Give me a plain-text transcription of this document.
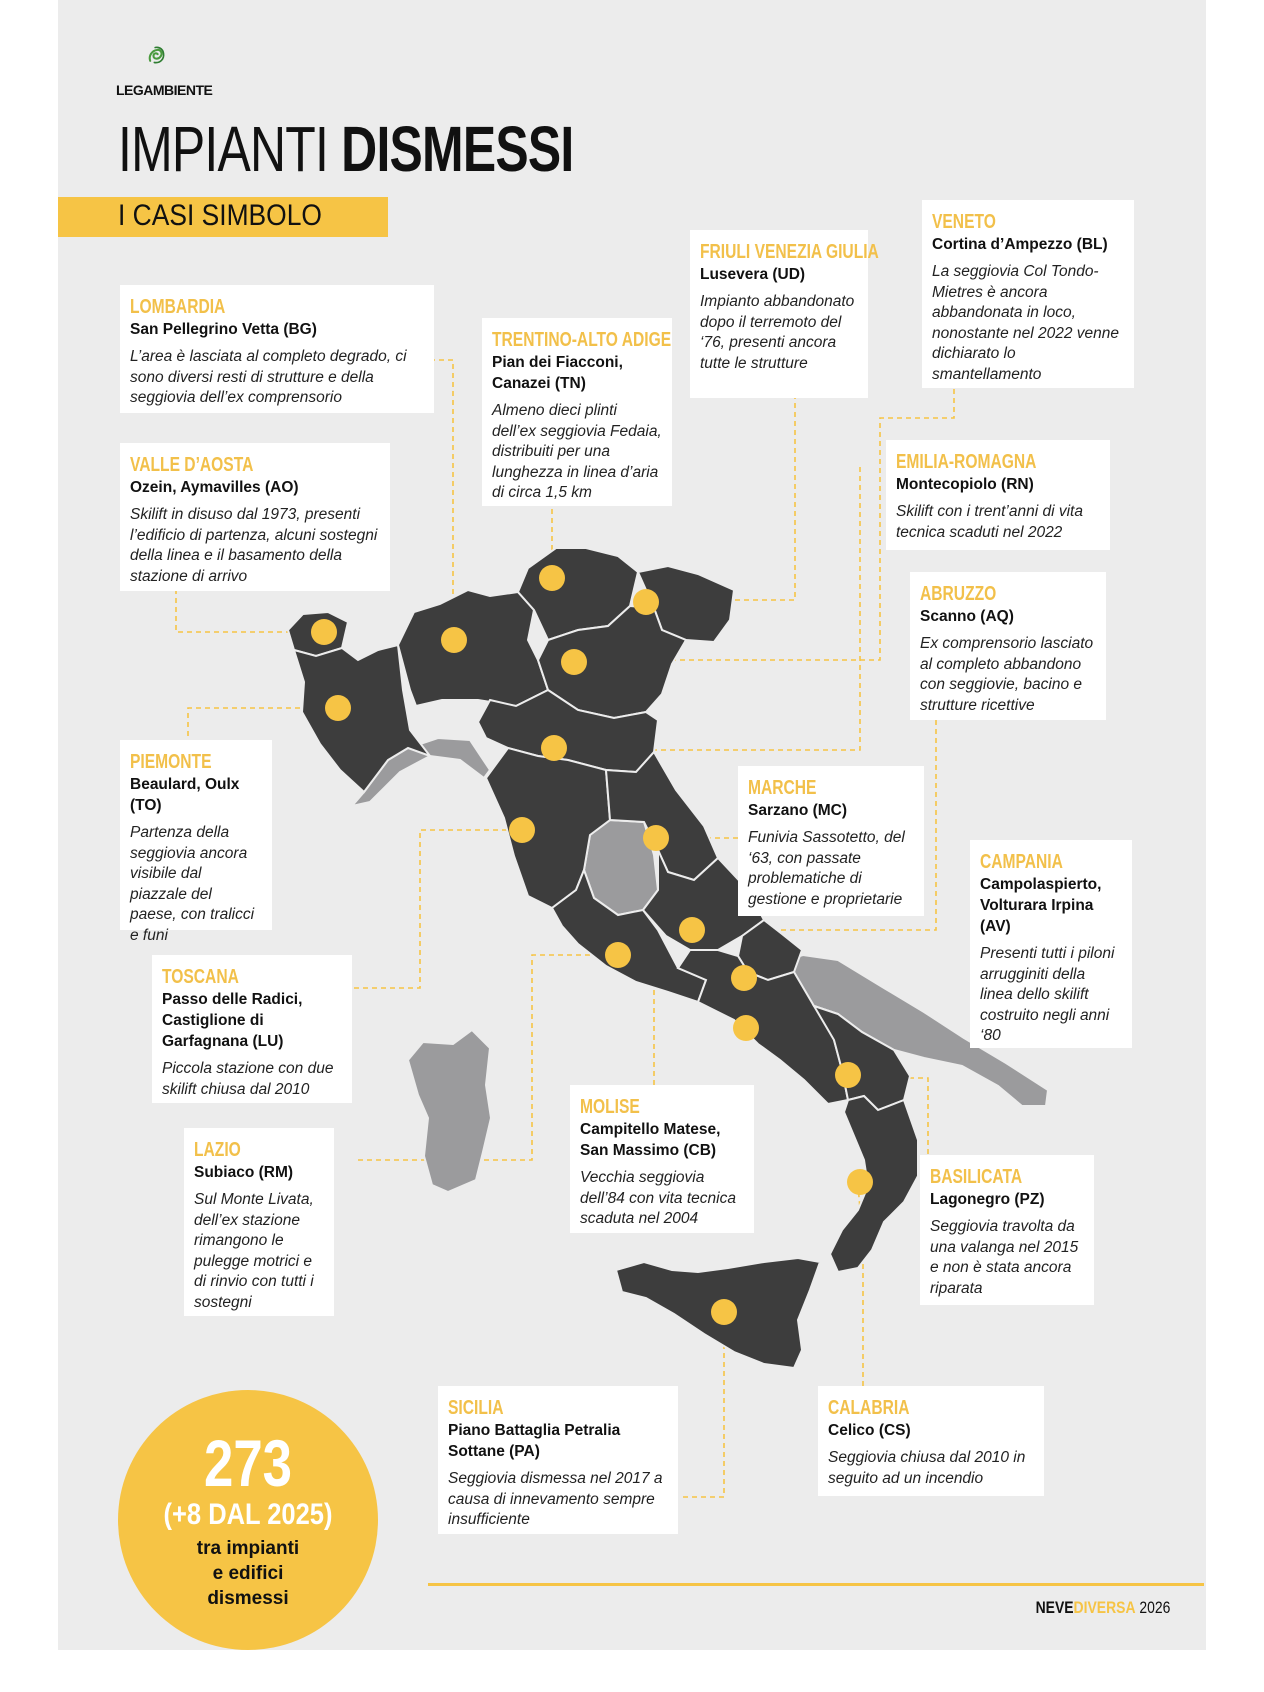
LEGAMBIENTE
IMPIANTI DISMESSI
I CASI SIMBOLO
LOMBARDIA
San Pellegrino Vetta (BG)
L’area è lasciata al completo degrado, ci sono diversi resti di strutture e della seggiovia dell’ex comprensorio
VALLE D’AOSTA
Ozein, Aymavilles (AO)
Skilift in disuso dal 1973, presenti l’edificio di partenza, alcuni sostegni della linea e il basamento della stazione di arrivo
PIEMONTE
Beaulard, Oulx (TO)
Partenza della seggiovia ancora visibile dal piazzale del paese, con tralicci e funi
TOSCANA
Passo delle Radici, Castiglione di Garfagnana (LU)
Piccola stazione con due skilift chiusa dal 2010
LAZIO
Subiaco (RM)
Sul Monte Livata, dell’ex stazione rimangono le pulegge motrici e di rinvio con tutti i sostegni
TRENTINO-ALTO ADIGE
Pian dei Fiacconi, Canazei (TN)
Almeno dieci plinti dell’ex seggiovia Fedaia, distribuiti per una lunghezza in linea d’aria di circa 1,5 km
FRIULI VENEZIA GIULIA
Lusevera (UD)
Impianto abbandonato dopo il terremoto del ‘76, presenti ancora tutte le strutture
VENETO
Cortina d’Ampezzo (BL)
La seggiovia Col Tondo-Mietres è ancora abbandonata in loco, nonostante nel 2022 venne dichiarato lo smantellamento
EMILIA-ROMAGNA
Montecopiolo (RN)
Skilift con i trent’anni di vita tecnica scaduti nel 2022
ABRUZZO
Scanno (AQ)
Ex comprensorio lasciato al completo abbandono con seggiovie, bacino e strutture ricettive
MARCHE
Sarzano (MC)
Funivia Sassotetto, del ‘63, con passate problematiche di gestione e proprietarie
CAMPANIA
Campolaspierto, Volturara Irpina (AV)
Presenti tutti i piloni arrugginiti della linea dello skilift costruito negli anni ‘80
MOLISE
Campitello Matese, San Massimo (CB)
Vecchia seggiovia dell’84 con vita tecnica scaduta nel 2004
BASILICATA
Lagonegro (PZ)
Seggiovia travolta da una valanga nel 2015 e non è stata ancora riparata
SICILIA
Piano Battaglia Petralia Sottane (PA)
Seggiovia dismessa nel 2017 a causa di innevamento sempre insufficiente
CALABRIA
Celico (CS)
Seggiovia chiusa dal 2010 in seguito ad un incendio
273
(+8 DAL 2025)
tra impianti
e edifici
dismessi	NEVEDIVERSA 2026
